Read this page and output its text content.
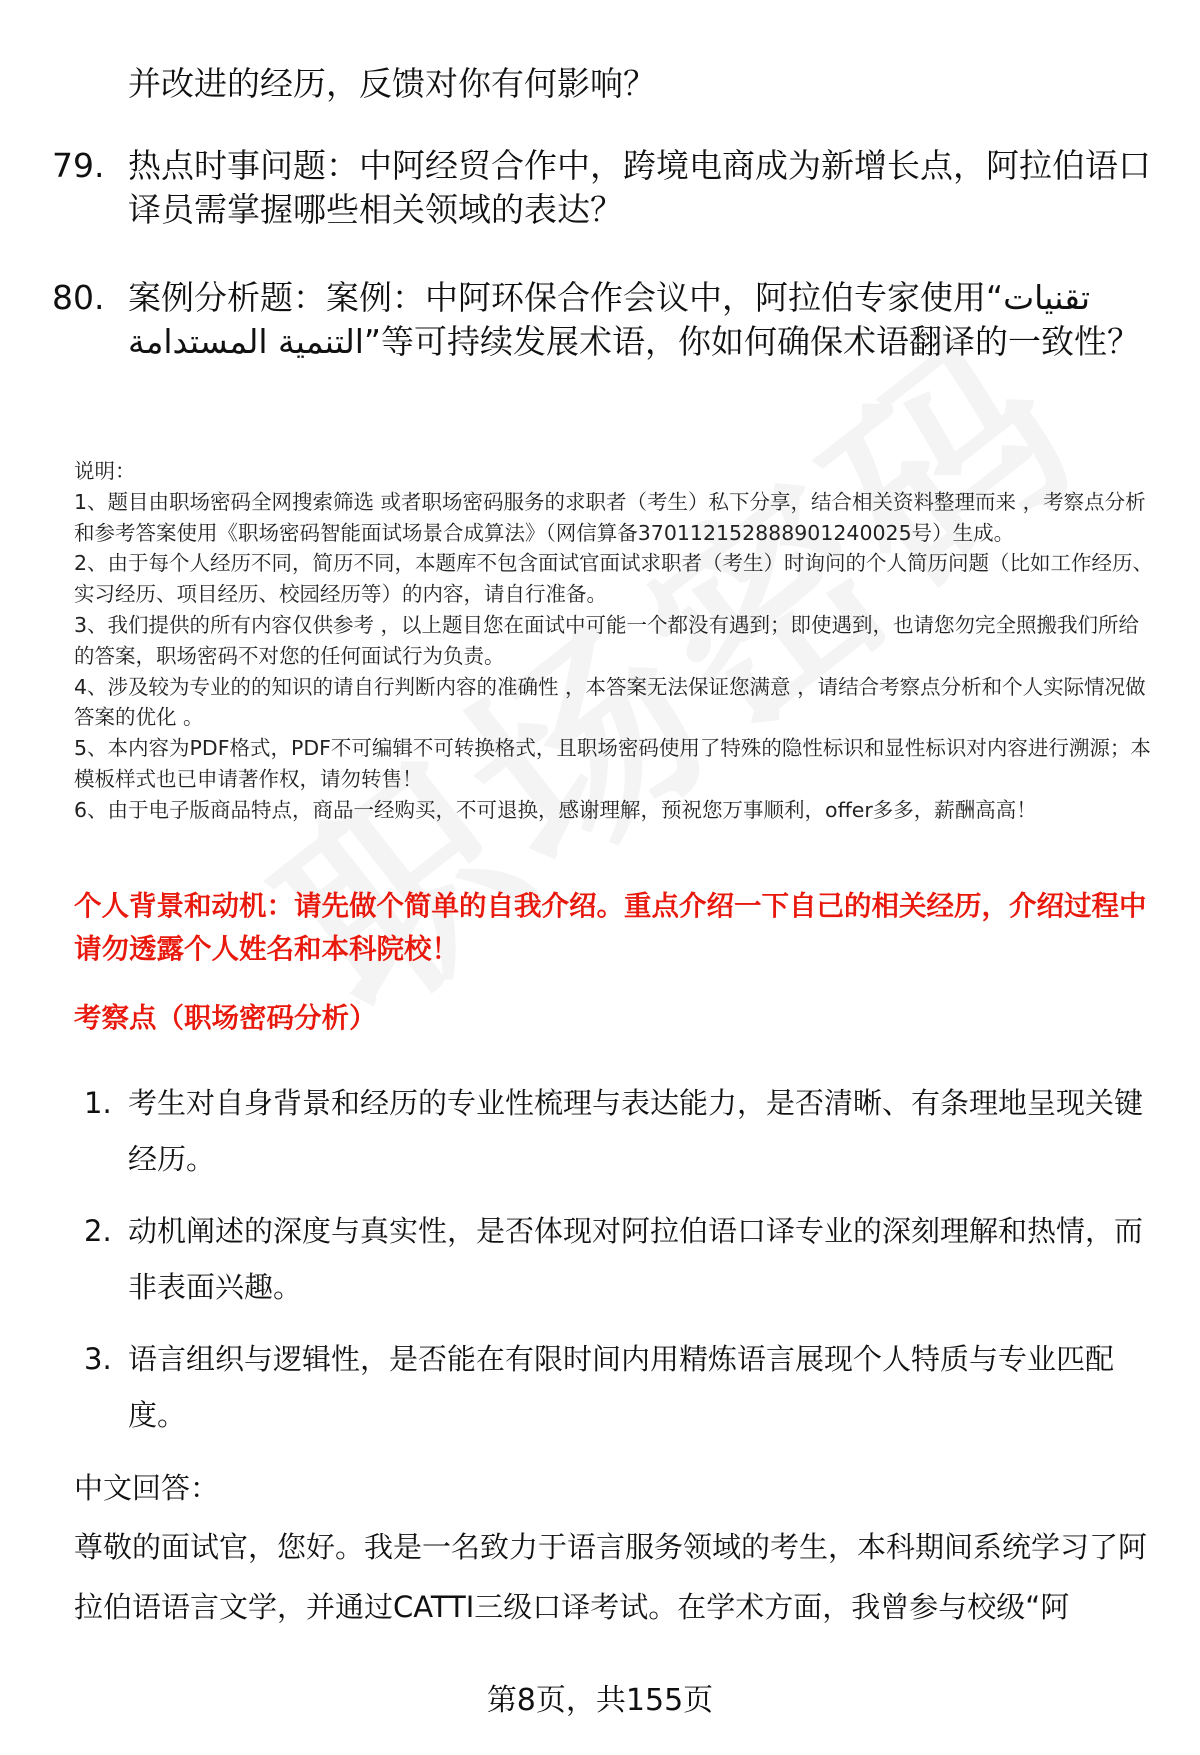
并改进的经历，反馈对你有何影响？
79. 热点时事问题：中阿经贸合作中，跨境电商成为新增长点，阿拉伯语口译员需掌握哪些相关领域的表达？
80. 案例分析题：案例：中阿环保合作会议中，阿拉伯专家使用“تقنيات التنمية المستدامة”等可持续发展术语，你如何确保术语翻译的一致性？

说明：

1、题目由职场密码全网搜索筛选 或者职场密码服务的求职者（考生）私下分享，结合相关资料整理而来 ，考察点分析和参考答案使用《职场密码智能面试场景合成算法》（网信算备370112152888901240025号）生成。

2、由于每个人经历不同，简历不同，本题库不包含面试官面试求职者（考生）时询问的个人简历问题（比如工作经历、实习经历、项目经历、校园经历等）的内容，请自行准备。

3、我们提供的所有内容仅供参考 ，以上题目您在面试中可能一个都没有遇到；即使遇到，也请您勿完全照搬我们所给的答案，职场密码不对您的任何面试行为负责。

4、涉及较为专业的的知识的请自行判断内容的准确性 ，本答案无法保证您满意 ，请结合考察点分析和个人实际情况做答案的优化 。

5、本内容为PDF格式，PDF不可编辑不可转换格式，且职场密码使用了特殊的隐性标识和显性标识对内容进行溯源；本模板样式也已申请著作权，请勿转售！

6、由于电子版商品特点，商品一经购买，不可退换，感谢理解，预祝您万事顺利，offer多多，薪酬高高！

个人背景和动机：请先做个简单的自我介绍。重点介绍一下自己的相关经历，介绍过程中请勿透露个人姓名和本科院校！
考察点（职场密码分析）
1. 考生对自身背景和经历的专业性梳理与表达能力，是否清晰、有条理地呈现关键经历。
2. 动机阐述的深度与真实性，是否体现对阿拉伯语口译专业的深刻理解和热情，而非表面兴趣。
3. 语言组织与逻辑性，是否能在有限时间内用精炼语言展现个人特质与专业匹配度。
中文回答：
尊敬的面试官，您好。我是一名致力于语言服务领域的考生，本科期间系统学习了阿拉伯语语言文学，并通过CATTI三级口译考试。在学术方面，我曾参与校级“阿
第8页，共155页
